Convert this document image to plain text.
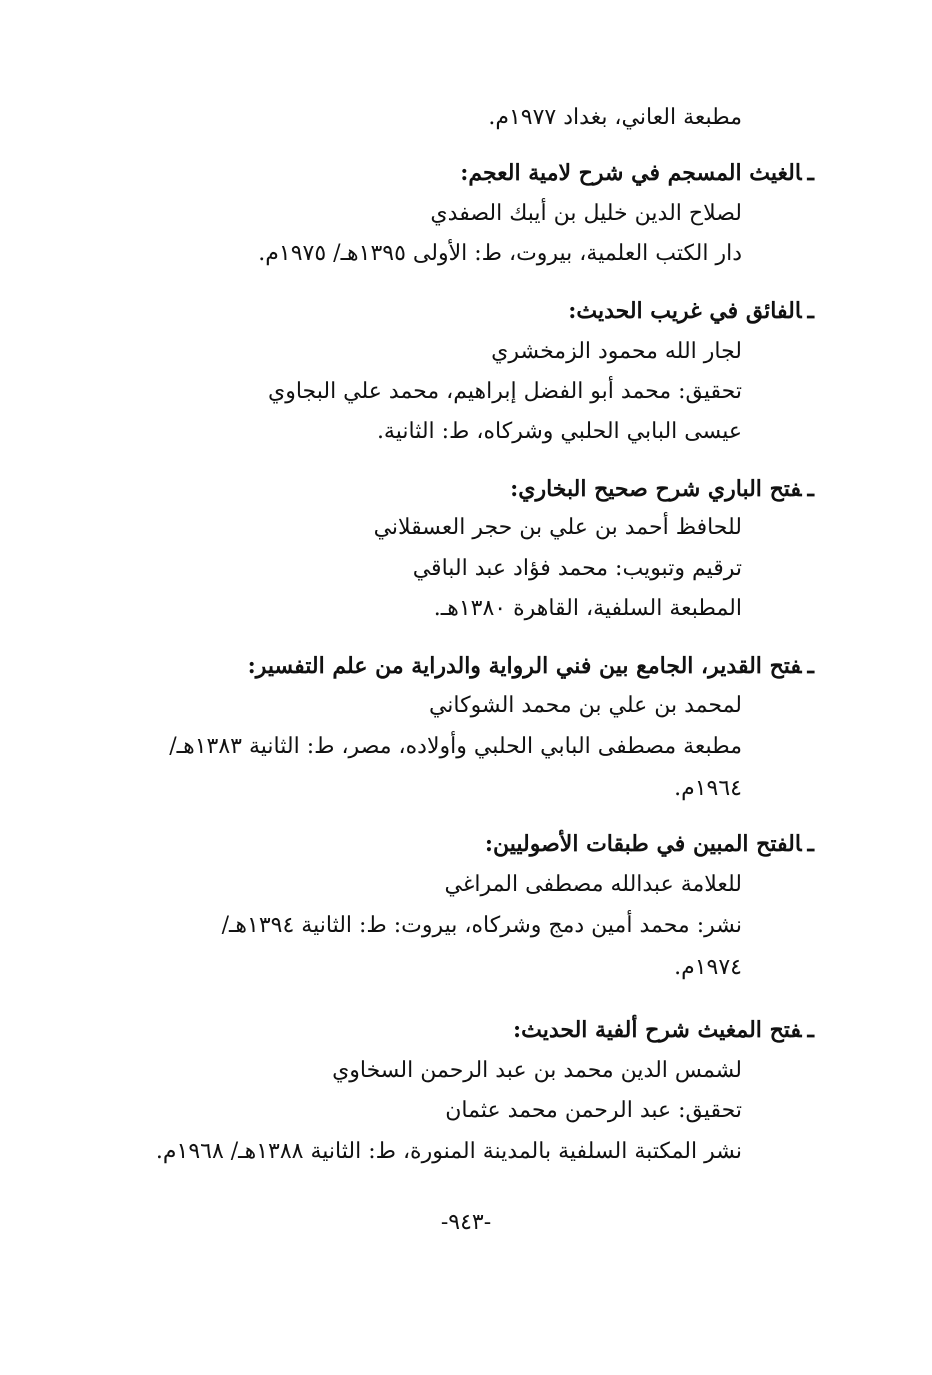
مطبعة العاني، بغداد ١٩٧٧م.
ـالغيث المسجم في شرح لامية العجم:
لصلاح الدين خليل بن أيبك الصفدي
دار الكتب العلمية، بيروت، ط: الأولى ١٣٩٥هـ/ ١٩٧٥م.
ـالفائق في غريب الحديث:
لجار الله محمود الزمخشري
تحقيق: محمد أبو الفضل إبراهيم، محمد علي البجاوي
عيسى البابي الحلبي وشركاه، ط: الثانية.
ـفتح الباري شرح صحيح البخاري:
للحافظ أحمد بن علي بن حجر العسقلاني
ترقيم وتبويب: محمد فؤاد عبد الباقي
المطبعة السلفية، القاهرة ١٣٨٠هـ.
ـفتح القدير، الجامع بين فني الرواية والدراية من علم التفسير:
لمحمد بن علي بن محمد الشوكاني
مطبعة مصطفى البابي الحلبي وأولاده، مصر، ط: الثانية ١٣٨٣هـ/
١٩٦٤م.
ـالفتح المبين في طبقات الأصوليين:
للعلامة عبدالله مصطفى المراغي
نشر: محمد أمين دمج وشركاه، بيروت: ط: الثانية ١٣٩٤هـ/
١٩٧٤م.
ـفتح المغيث شرح ألفية الحديث:
لشمس الدين محمد بن عبد الرحمن السخاوي
تحقيق: عبد الرحمن محمد عثمان
نشر المكتبة السلفية بالمدينة المنورة، ط: الثانية ١٣٨٨هـ/ ١٩٦٨م.
-٩٤٣-
